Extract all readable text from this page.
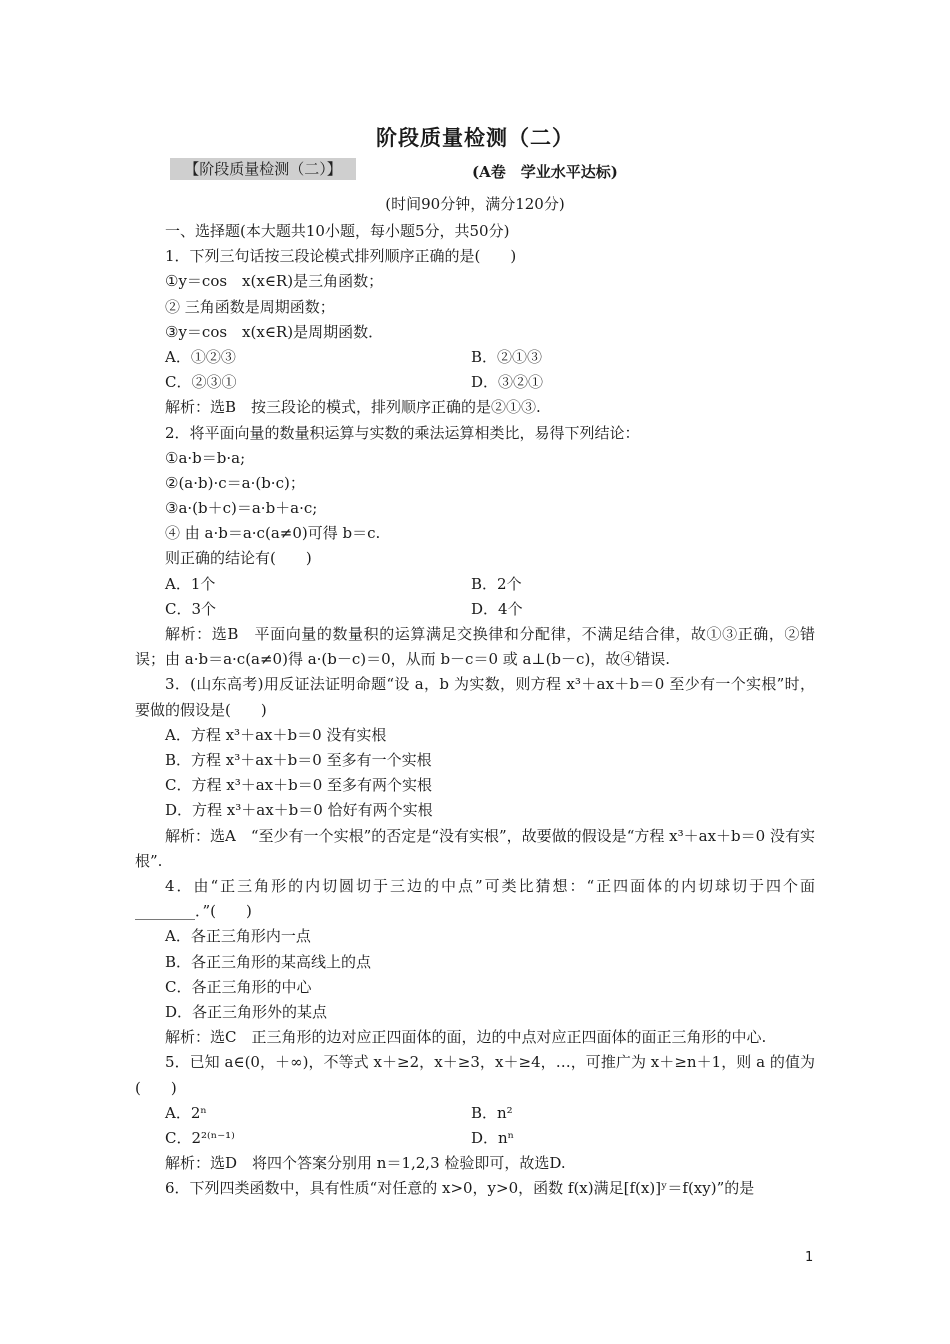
阶段质量检测（二）
【阶段质量检测（二）】	(A卷　学业水平达标)
(时间90分钟，满分120分)
一、选择题(本大题共10小题，每小题5分，共50分)
1．下列三句话按三段论模式排列顺序正确的是(　　)
①y＝cos　x(x∈R)是三角函数；
② 三角函数是周期函数；
③y＝cos　x(x∈R)是周期函数．
A．①②③	B．②①③
C．②③①	D．③②①
解析：选B　按三段论的模式，排列顺序正确的是②①③.
2．将平面向量的数量积运算与实数的乘法运算相类比，易得下列结论：
①a·b＝b·a;
②(a·b)·c＝a·(b·c)；
③a·(b＋c)＝a·b＋a·c;
④ 由 a·b＝a·c(a≠0)可得 b＝c.
则正确的结论有(　　)
A．1个	B．2个
C．3个	D．4个
解析：选B　平面向量的数量积的运算满足交换律和分配律，不满足结合律，故①③正确，②错误；由 a·b＝a·c(a≠0)得 a·(b－c)＝0，从而 b－c＝0 或 a⊥(b－c)，故④错误.
3．(山东高考)用反证法证明命题“设 a，b 为实数，则方程 x³＋ax＋b＝0 至少有一个实根”时，要做的假设是(　　)
A．方程 x³＋ax＋b＝0 没有实根
B．方程 x³＋ax＋b＝0 至多有一个实根
C．方程 x³＋ax＋b＝0 至多有两个实根
D．方程 x³＋ax＋b＝0 恰好有两个实根
解析：选A　“至少有一个实根”的否定是“没有实根”，故要做的假设是“方程 x³＋ax＋b＝0 没有实根”.
4．由“正三角形的内切圆切于三边的中点”可类比猜想：“正四面体的内切球切于四个面________．”(　　)
A．各正三角形内一点
B．各正三角形的某高线上的点
C．各正三角形的中心
D．各正三角形外的某点
解析：选C　正三角形的边对应正四面体的面，边的中点对应正四面体的面正三角形的中心.
5．已知 a∈(0，＋∞)，不等式 x＋≥2，x＋≥3，x＋≥4，…，可推广为 x＋≥n＋1，则 a 的值为(　　)
A．2ⁿ	B．n²
C．2²⁽ⁿ⁻¹⁾	D．nⁿ
解析：选D　将四个答案分别用 n＝1,2,3 检验即可，故选D.
6．下列四类函数中，具有性质“对任意的 x>0，y>0，函数 f(x)满足[f(x)]ʸ＝f(xy)”的是
1
